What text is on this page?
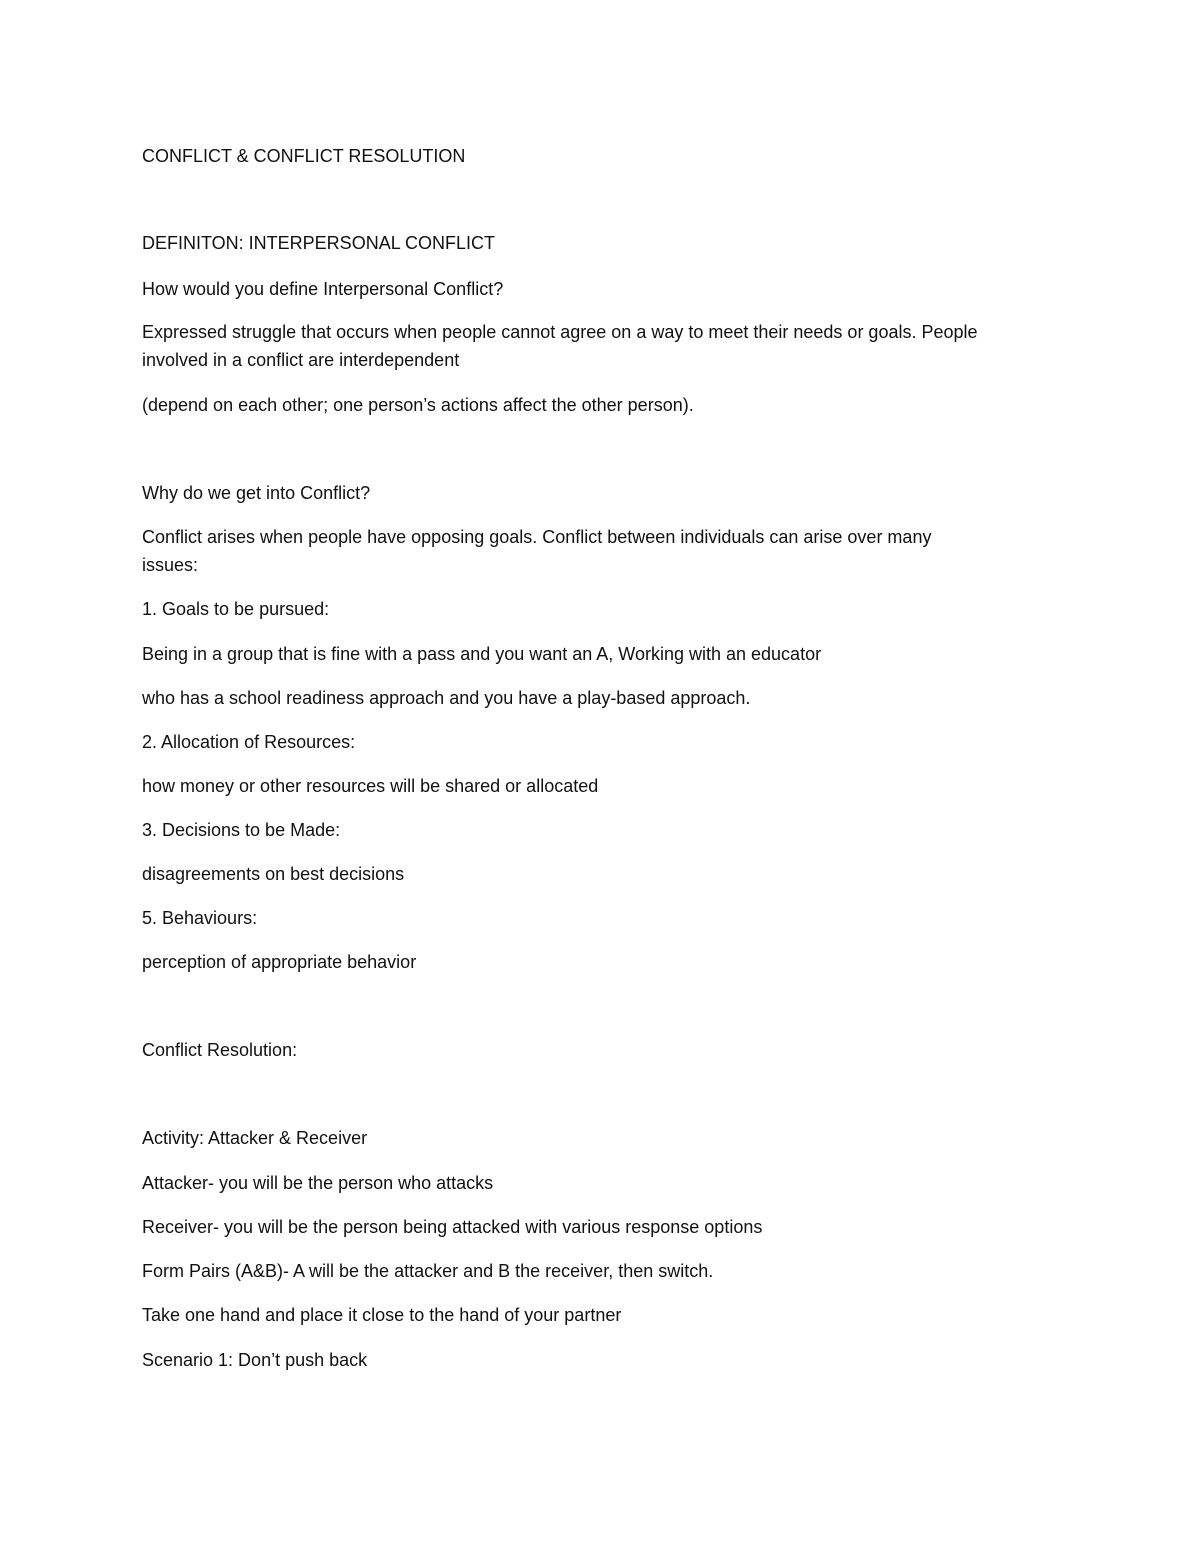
CONFLICT & CONFLICT RESOLUTION

DEFINITON: INTERPERSONAL CONFLICT

How would you define Interpersonal Conflict?

Expressed struggle that occurs when people cannot agree on a way to meet their needs or goals. People

involved in a conflict are interdependent

(depend on each other; one person’s actions affect the other person).

Why do we get into Conflict?

Conflict arises when people have opposing goals. Conflict between individuals can arise over many

issues:

1. Goals to be pursued:

Being in a group that is fine with a pass and you want an A, Working with an educator

who has a school readiness approach and you have a play-based approach.

2. Allocation of Resources:

how money or other resources will be shared or allocated

3. Decisions to be Made:

disagreements on best decisions

5. Behaviours:

perception of appropriate behavior

Conflict Resolution:

Activity: Attacker & Receiver

Attacker- you will be the person who attacks

Receiver- you will be the person being attacked with various response options

Form Pairs (A&B)- A will be the attacker and B the receiver, then switch.

Take one hand and place it close to the hand of your partner

Scenario 1: Don’t push back
